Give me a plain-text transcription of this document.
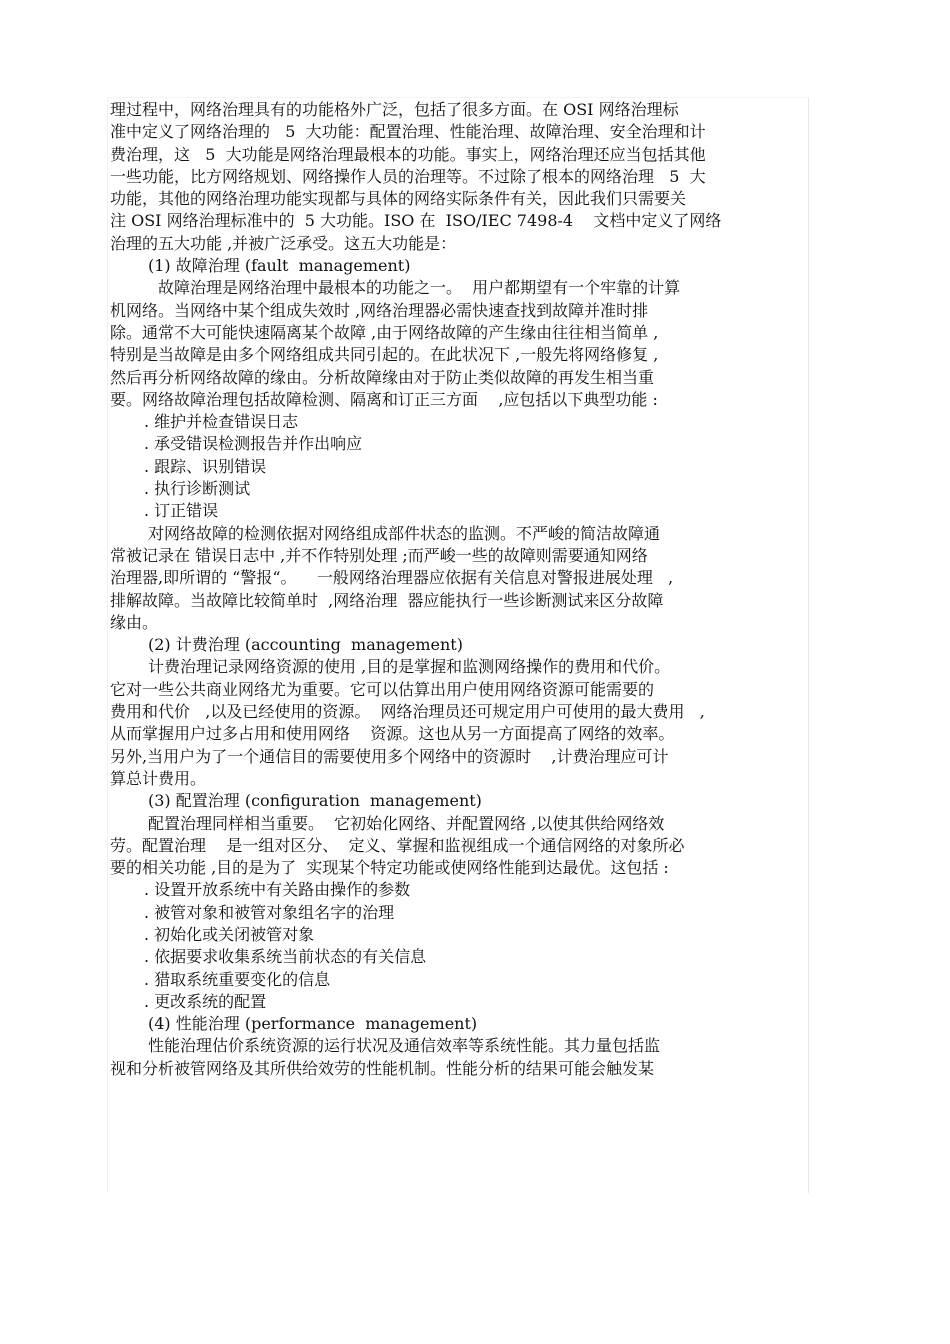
理过程中，网络治理具有的功能格外广泛，包括了很多方面。在 OSI 网络治理标
准中定义了网络治理的   5  大功能：配置治理、性能治理、故障治理、安全治理和计
费治理，这   5  大功能是网络治理最根本的功能。事实上，网络治理还应当包括其他
一些功能，比方网络规划、网络操作人员的治理等。不过除了根本的网络治理   5  大
功能，其他的网络治理功能实现都与具体的网络实际条件有关，因此我们只需要关
注 OSI 网络治理标准中的  5 大功能。ISO 在  ISO/IEC 7498-4    文档中定义了网络
治理的五大功能 ,并被广泛承受。这五大功能是：
(1) 故障治理 (fault  management)
故障治理是网络治理中最根本的功能之一。  用户都期望有一个牢靠的计算
机网络。当网络中某个组成失效时 ,网络治理器必需快速查找到故障并准时排
除。通常不大可能快速隔离某个故障 ,由于网络故障的产生缘由往往相当简单 ,
特别是当故障是由多个网络组成共同引起的。在此状况下 ,一般先将网络修复 ,
然后再分析网络故障的缘由。分析故障缘由对于防止类似故障的再发生相当重
要。网络故障治理包括故障检测、隔离和订正三方面    ,应包括以下典型功能 :
. 维护并检查错误日志
. 承受错误检测报告并作出响应
. 跟踪、识别错误
. 执行诊断测试
. 订正错误
对网络故障的检测依据对网络组成部件状态的监测。不严峻的简洁故障通
常被记录在 错误日志中 ,并不作特别处理 ;而严峻一些的故障则需要通知网络
治理器,即所谓的 “警报“。    一般网络治理器应依据有关信息对警报进展处理   ,
排解故障。当故障比较简单时  ,网络治理  器应能执行一些诊断测试来区分故障
缘由。
(2) 计费治理 (accounting  management)
计费治理记录网络资源的使用 ,目的是掌握和监测网络操作的费用和代价。
它对一些公共商业网络尤为重要。它可以估算出用户使用网络资源可能需要的
费用和代价   ,以及已经使用的资源。  网络治理员还可规定用户可使用的最大费用   ,
从而掌握用户过多占用和使用网络    资源。这也从另一方面提高了网络的效率。
另外,当用户为了一个通信目的需要使用多个网络中的资源时    ,计费治理应可计
算总计费用。
(3) 配置治理 (configuration  management)
配置治理同样相当重要。  它初始化网络、并配置网络 ,以使其供给网络效
劳。配置治理    是一组对区分、  定义、掌握和监视组成一个通信网络的对象所必
要的相关功能 ,目的是为了  实现某个特定功能或使网络性能到达最优。这包括 :
. 设置开放系统中有关路由操作的参数
. 被管对象和被管对象组名字的治理
. 初始化或关闭被管对象
. 依据要求收集系统当前状态的有关信息
. 猎取系统重要变化的信息
. 更改系统的配置
(4) 性能治理 (performance  management)
性能治理估价系统资源的运行状况及通信效率等系统性能。其力量包括监
视和分析被管网络及其所供给效劳的性能机制。性能分析的结果可能会触发某
